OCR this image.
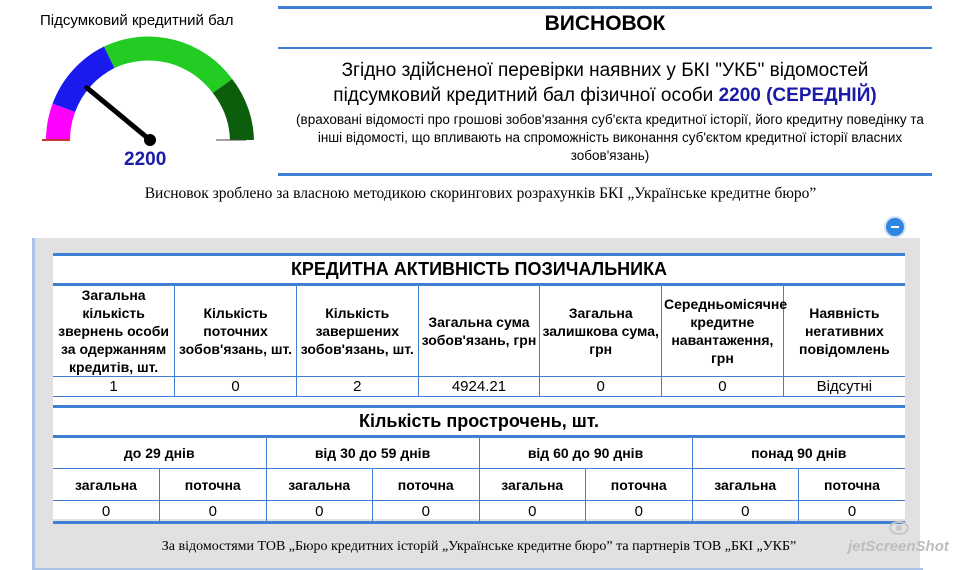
Підсумковий кредитний бал
2200
ВИСНОВОК
Згідно здійсненої перевірки наявних у БКІ "УКБ" відомостей
підсумковий кредитний бал фізичної особи 2200 (СЕРЕДНІЙ)
(враховані відомості про грошові зобов'язання суб'єкта кредитної історії, його кредитну поведінку та інші відомості, що впливають на спроможність виконання суб'єктом кредитної історії власних зобов'язань)
Висновок зроблено за власною методикою скорингових розрахунків БКІ „Українське кредитне бюро”
КРЕДИТНА АКТИВНІСТЬ ПОЗИЧАЛЬНИКА						
Загальна кількість звернень особи за одержанням кредитів, шт.	Кількість поточних зобов'язань, шт.	Кількість завершених зобов'язань, шт.	Загальна сума зобов'язань, грн	Загальна залишкова сума, грн	Середньомісячне кредитне навантаження, грн	Наявність негативних повідомлень
1	0	2	4924.21	0	0	Відсутні
Кількість прострочень, шт.							
до 29 днів		від 30 до 59 днів		від 60 до 90 днів		понад 90 днів	
загальна	поточна	загальна	поточна	загальна	поточна	загальна	поточна
0	0	0	0	0	0	0	0
За відомостями ТОВ „Бюро кредитних історій „Українське кредитне бюро” та партнерів ТОВ „БКІ „УКБ”	jetScreenShot
